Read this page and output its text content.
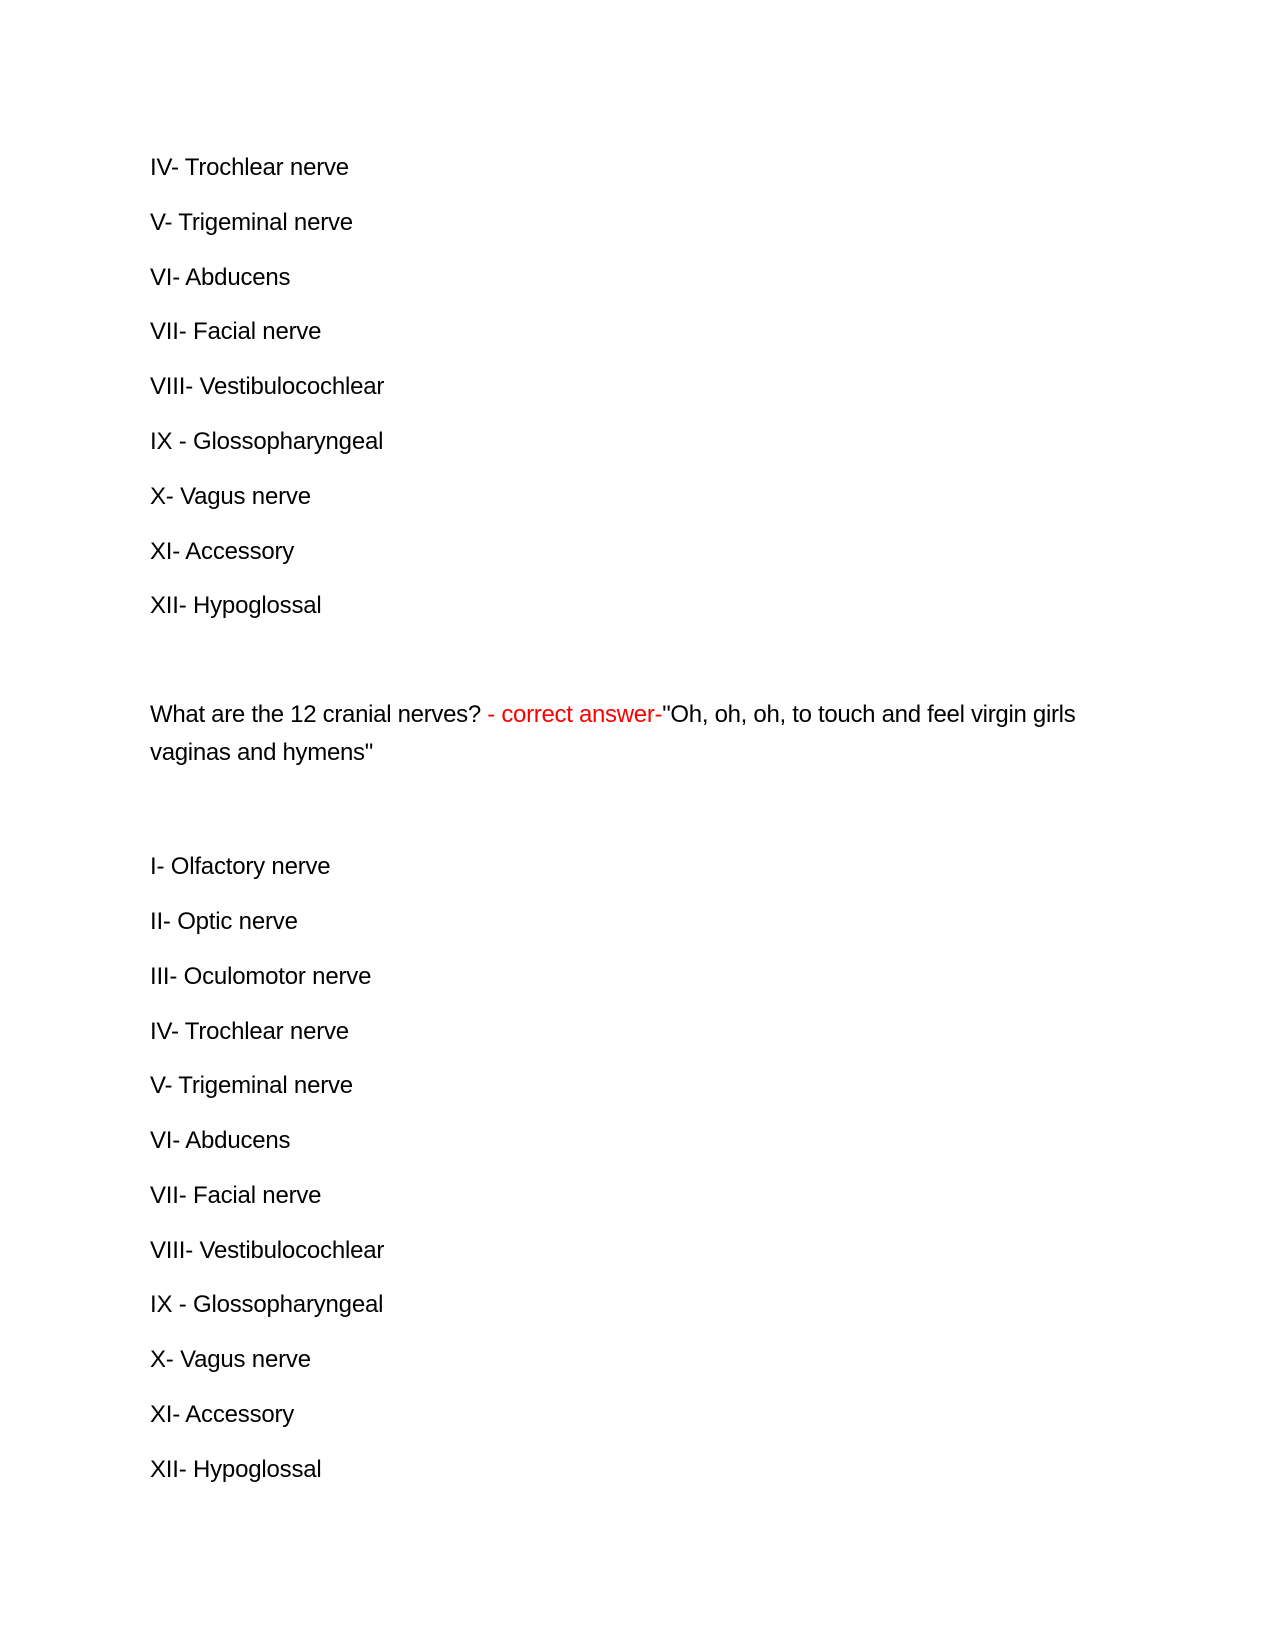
IV- Trochlear nerve
V- Trigeminal nerve
VI- Abducens
VII- Facial nerve
VIII- Vestibulocochlear
IX - Glossopharyngeal
X- Vagus nerve
XI- Accessory
XII- Hypoglossal
What are the 12 cranial nerves? - correct answer-"Oh, oh, oh, to touch and feel virgin girls vaginas and hymens"
I- Olfactory nerve
II- Optic nerve
III- Oculomotor nerve
IV- Trochlear nerve
V- Trigeminal nerve
VI- Abducens
VII- Facial nerve
VIII- Vestibulocochlear
IX - Glossopharyngeal
X- Vagus nerve
XI- Accessory
XII- Hypoglossal
